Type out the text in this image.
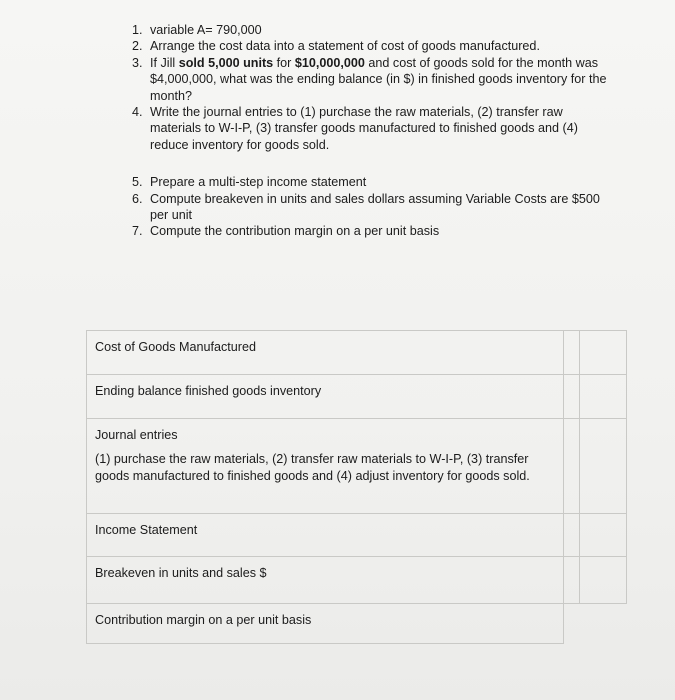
1. variable A= 790,000
2. Arrange the cost data into a statement of cost of goods manufactured.
3. If Jill sold 5,000 units for $10,000,000 and cost of goods sold for the month was $4,000,000, what was the ending balance (in $) in finished goods inventory for the month?
4. Write the journal entries to (1) purchase the raw materials, (2) transfer raw materials to W-I-P, (3) transfer goods manufactured to finished goods and (4) reduce inventory for goods sold.
5. Prepare a multi-step income statement
6. Compute breakeven in units and sales dollars assuming Variable Costs are $500 per unit
7. Compute the contribution margin on a per unit basis
Cost of Goods Manufactured		
Ending balance finished goods inventory		

Journal entries
(1) purchase the raw materials, (2) transfer raw materials to W-I-P, (3) transfer goods manufactured to finished goods and (4) adjust inventory for goods sold.		

Income Statement		
Breakeven in units and sales $		
Contribution margin on a per unit basis		
